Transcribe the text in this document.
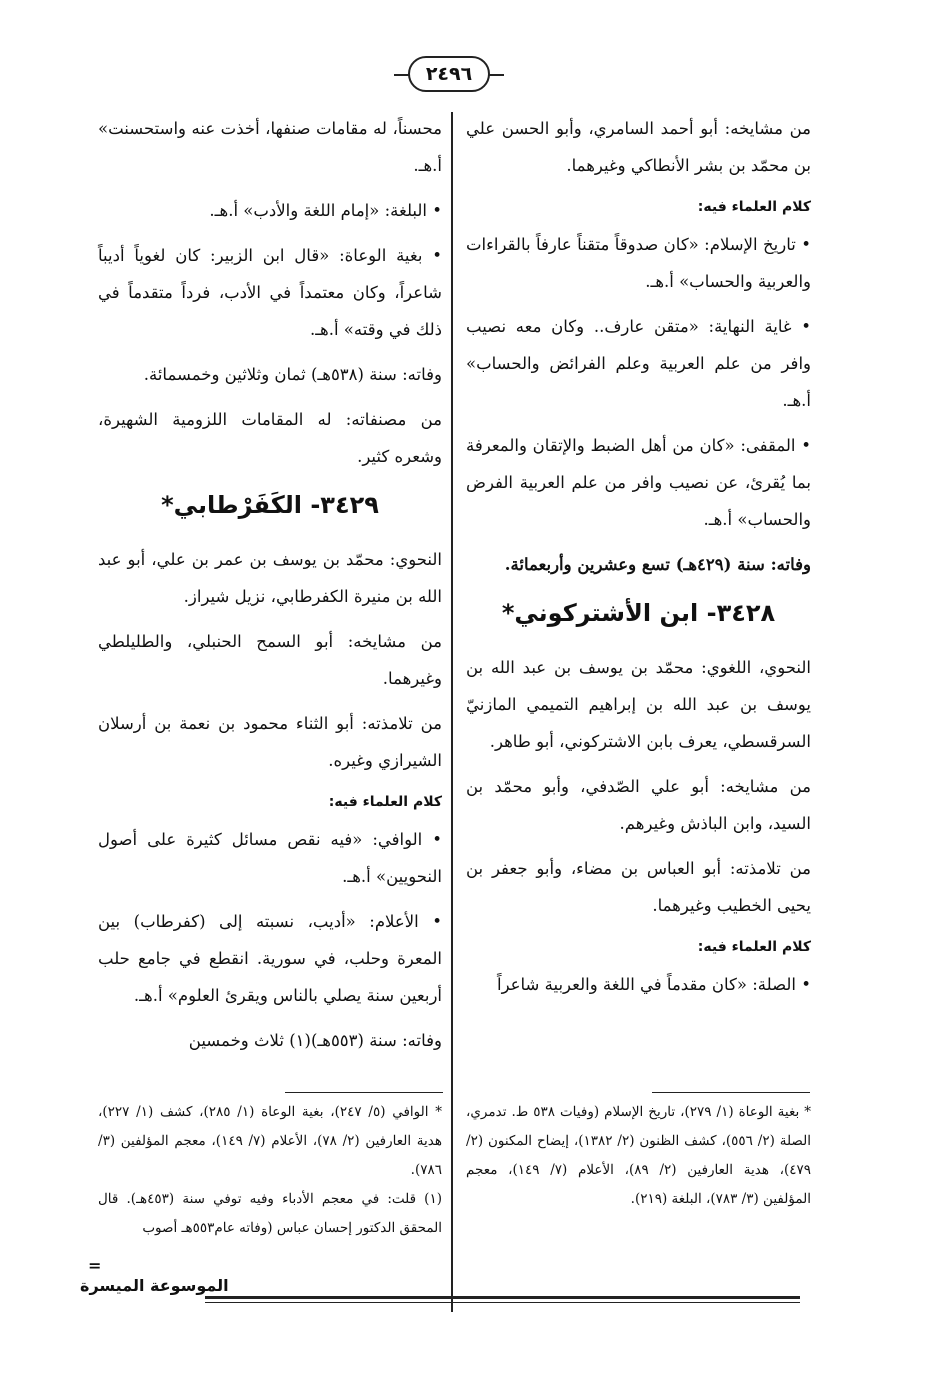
٢٤٩٦

من مشايخه: أبو أحمد السامري، وأبو الحسن علي بن محمّد بن بشر الأنطاكي وغيرهما.

كلام العلماء فيه:

• تاريخ الإسلام: «كان صدوقاً متقناً عارفاً بالقراءات والعربية والحساب» أ.هـ.

• غاية النهاية: «متقن عارف.. وكان معه نصيب وافر من علم العربية وعلم الفرائض والحساب» أ.هـ.

• المقفى: «كان من أهل الضبط والإتقان والمعرفة بما يُقرئ، عن نصيب وافر من علم العربية الفرض والحساب» أ.هـ.

وفاته: سنة (٤٢٩هـ) تسع وعشرين وأربعمائة.

٣٤٢٨- ابن الأشتركوني*

النحوي، اللغوي: محمّد بن يوسف بن عبد الله بن يوسف بن عبد الله بن إبراهيم التميمي المازنيّ السرقسطي، يعرف بابن الاشتركوني، أبو طاهر.

من مشايخه: أبو علي الصّدفي، وأبو محمّد بن السيد، وابن الباذش وغيرهم.

من تلامذته: أبو العباس بن مضاء، وأبو جعفر بن يحيى الخطيب وغيرهما.

كلام العلماء فيه:

• الصلة: «كان مقدماً في اللغة والعربية شاعراً

محسناً، له مقامات صنفها، أخذت عنه واستحسنت» أ.هـ.

• البلغة: «إمام اللغة والأدب» أ.هـ.

• بغية الوعاة: «قال ابن الزبير: كان لغوياً أديباً شاعراً، وكان معتمداً في الأدب، فرداً متقدماً في ذلك في وقته» أ.هـ.

وفاته: سنة (٥٣٨هـ) ثمان وثلاثين وخمسمائة.

من مصنفاته: له المقامات اللزومية الشهيرة، وشعره كثير.

٣٤٢٩- الكَفَرْطابي*

النحوي: محمّد بن يوسف بن عمر بن علي، أبو عبد الله بن منيرة الكفرطابي، نزيل شيراز.

من مشايخه: أبو السمح الحنبلي، والطليلطي وغيرهما.

من تلامذته: أبو الثناء محمود بن نعمة بن أرسلان الشيرازي وغيره.

كلام العلماء فيه:

• الوافي: «فيه نقص مسائل كثيرة على أصول النحويين» أ.هـ.

• الأعلام: «أديب، نسبته إلى (كفرطاب) بين المعرة وحلب، في سورية. انقطع في جامع حلب أربعين سنة يصلي بالناس ويقرئ العلوم» أ.هـ.

وفاته: سنة (٥٥٣هـ)(١) ثلاث وخمسين

* بغية الوعاة (١/ ٢٧٩)، تاريخ الإسلام (وفيات ٥٣٨ ط. تدمري، الصلة (٢/ ٥٥٦)، كشف الظنون (٢/ ١٣٨٢)، إيضاح المكنون (٢/ ٤٧٩)، هدية العارفين (٢/ ٨٩)، الأعلام (٧/ ١٤٩)، معجم المؤلفين (٣/ ٧٨٣)، البلغة (٢١٩).

* الوافي (٥/ ٢٤٧)، بغية الوعاة (١/ ٢٨٥)، كشف (١/ ٢٢٧)، هدية العارفين (٢/ ٧٨)، الأعلام (٧/ ١٤٩)، معجم المؤلفين (٣/ ٧٨٦).

(١) قلت: في معجم الأدباء وفيه توفي سنة (٤٥٣هـ). قال المحقق الدكتور إحسان عباس (وفاته عام٥٥٣هـ أصوب

=
الموسوعة الميسرة
